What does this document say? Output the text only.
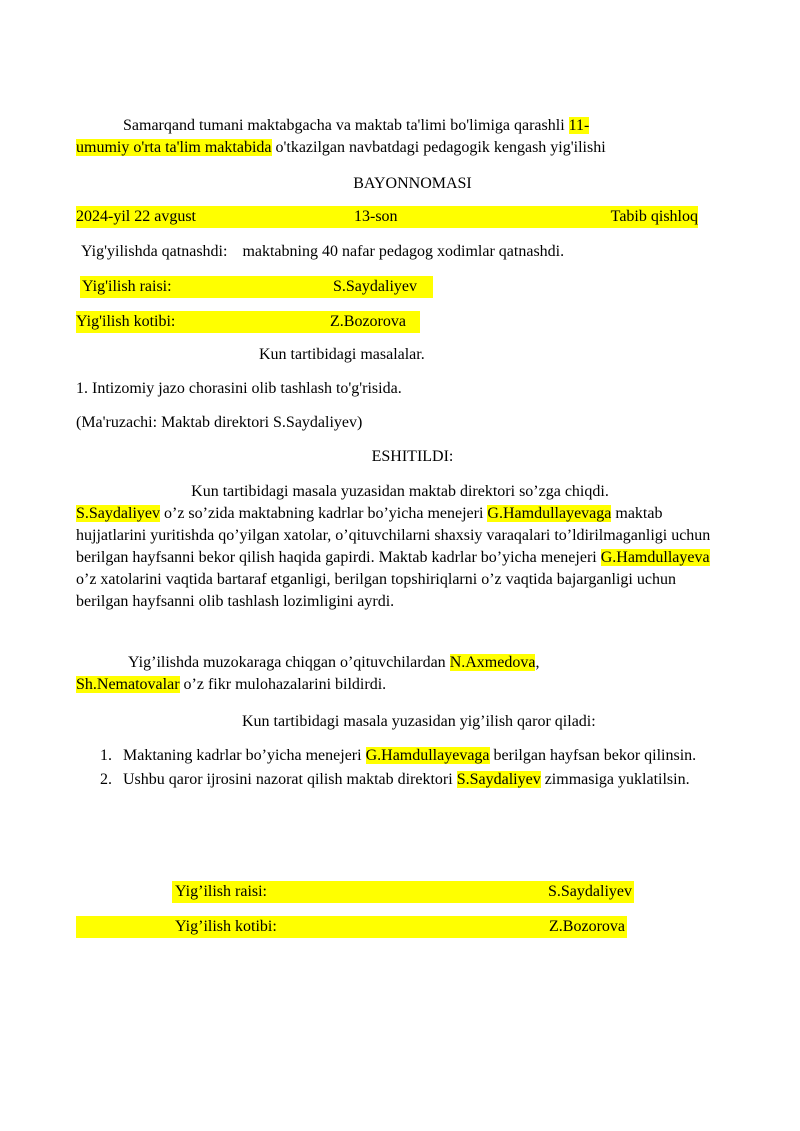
Samarqand tumani maktabgacha va maktab ta'limi bo'limiga qarashli 11-
umumiy o'rta ta'lim maktabida o'tkazilgan navbatdagi pedagogik kengash yig'ilishi
BAYONNOMASI
2024-yil 22 avgust	13-son	Tabib qishloq
Yig'yilishda qatnashdi: maktabning 40 nafar pedagog xodimlar qatnashdi.
Yig'ilish raisi:	S.Saydaliyev
Yig'ilish kotibi:	Z.Bozorova
Kun tartibidagi masalalar.
1. Intizomiy jazo chorasini olib tashlash to'g'risida.
(Ma'ruzachi: Maktab direktori S.Saydaliyev)
ESHITILDI:
Kun tartibidagi masala yuzasidan maktab direktori so’zga chiqdi.
S.Saydaliyev o’z so’zida maktabning kadrlar bo’yicha menejeri G.Hamdullayevaga maktab hujjatlarini yuritishda qo’yilgan xatolar, o’qituvchilarni shaxsiy varaqalari to’ldirilmaganligi uchun berilgan hayfsanni bekor qilish haqida gapirdi. Maktab kadrlar bo’yicha menejeri G.Hamdullayeva o’z xatolarini vaqtida bartaraf etganligi, berilgan topshiriqlarni o’z vaqtida bajarganligi uchun berilgan hayfsanni olib tashlash lozimligini ayrdi.
Yig’ilishda muzokaraga chiqgan o’qituvchilardan N.Axmedova,
Sh.Nematovalar o’z fikr mulohazalarini bildirdi.
Kun tartibidagi masala yuzasidan yig’ilish qaror qiladi:
1. Maktaning kadrlar bo’yicha menejeri G.Hamdullayevaga berilgan hayfsan bekor qilinsin.
2. Ushbu qaror ijrosini nazorat qilish maktab direktori S.Saydaliyev zimmasiga yuklatilsin.
Yig’ilish raisi:	S.Saydaliyev
Yig’ilish kotibi:	Z.Bozorova
